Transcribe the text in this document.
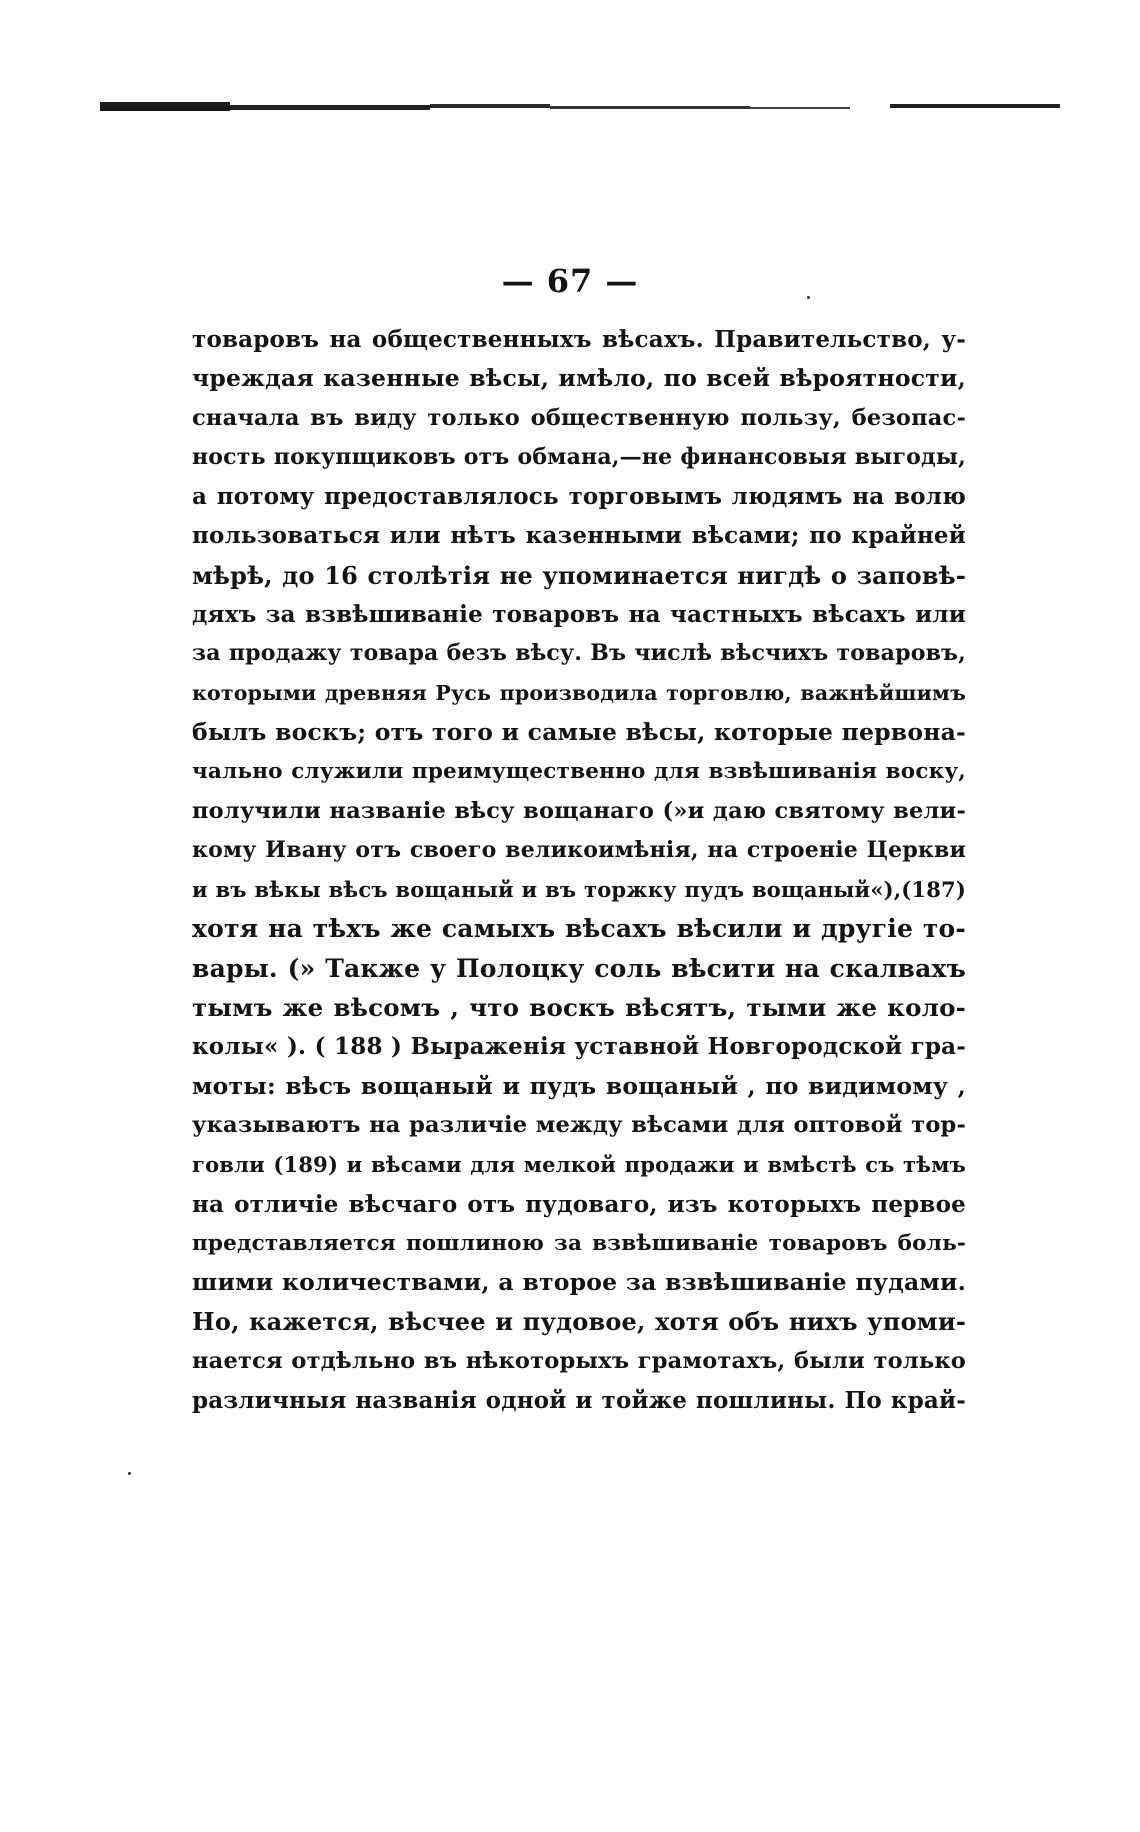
— 67 —
товаровъ на общественныхъ вѣсахъ. Правительство, у-
чреждая казенные вѣсы, имѣло, по всей вѣроятности,
сначала въ виду только общественную пользу, безопас-
ность покупщиковъ отъ обмана,—не финансовыя выгоды,
а потому предоставлялось торговымъ людямъ на волю
пользоваться или нѣтъ казенными вѣсами; по крайней
мѣрѣ, до 16 столѣтія не упоминается нигдѣ о заповѣ-
дяхъ за взвѣшиваніе товаровъ на частныхъ вѣсахъ или
за продажу товара безъ вѣсу. Въ числѣ вѣсчихъ товаровъ,
которыми древняя Русь производила торговлю, важнѣйшимъ
былъ воскъ; отъ того и самые вѣсы, которые первона-
чально служили преимущественно для взвѣшиванія воску,
получили названіе вѣсу вощанаго (»и даю святому вели-
кому Ивану отъ своего великоимѣнія, на строеніе Церкви
и въ вѣкы вѣсъ вощаный и въ торжку пудъ вощаный«),(187)
хотя на тѣхъ же самыхъ вѣсахъ вѣсили и другіе то-
вары. (» Также у Полоцку соль вѣсити на скалвахъ
тымъ же вѣсомъ , что воскъ вѣсятъ, тыми же коло-
колы« ). ( 188 ) Выраженія уставной Новгородской гра-
моты: вѣсъ вощаный и пудъ вощаный , по видимому ,
указываютъ на различіе между вѣсами для оптовой тор-
говли (189) и вѣсами для мелкой продажи и вмѣстѣ съ тѣмъ
на отличіе вѣсчаго отъ пудоваго, изъ которыхъ первое
представляется пошлиною за взвѣшиваніе товаровъ боль-
шими количествами, а второе за взвѣшиваніе пудами.
Но, кажется, вѣсчее и пудовое, хотя объ нихъ упоми-
нается отдѣльно въ нѣкоторыхъ грамотахъ, были только
различныя названія одной и тойже пошлины. По край-
